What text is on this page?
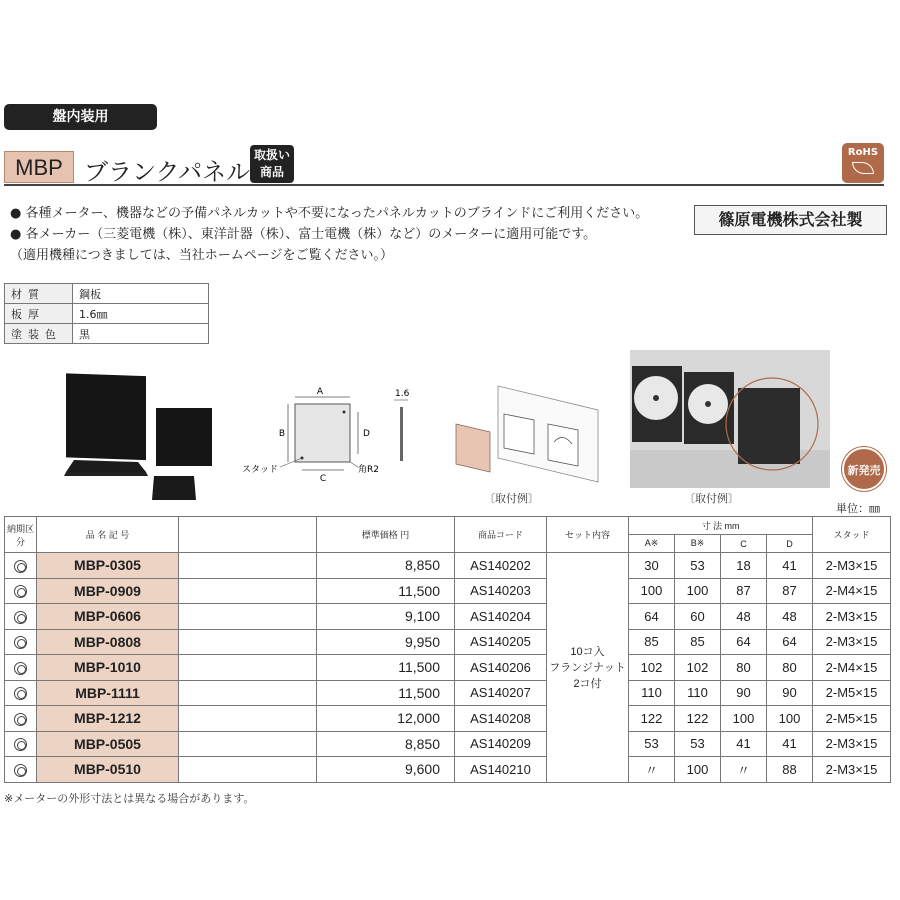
盤内装用
MBP ブランクパネル
取扱い
商品
RoHS
● 各種メーター、機器などの予備パネルカットや不要になったパネルカットのブラインドにご利用ください。
● 各メーカー（三菱電機（株）、東洋計器（株）、富士電機（株）など）のメーターに適用可能です。
（適用機種につきましては、当社ホームページをご覧ください。）
篠原電機株式会社製
材質	鋼板
板厚	1.6㎜
塗装色	黒
A
B
C
D
1.6
スタッド	角R2
〔取付例〕	〔取付例〕
新発売
単位：㎜
納期区分	品 名 記 号		標準価格 円	商品コード	セット内容	寸 法 mm				スタッド
						A※	B※	C	D	
	MBP-0305		8,850	AS140202	10コ入
フランジナット
2コ付	30	53	18	41	2-M3×15
	MBP-0909		11,500	AS140203		100	100	87	87	2-M4×15
	MBP-0606		9,100	AS140204		64	60	48	48	2-M3×15
	MBP-0808		9,950	AS140205		85	85	64	64	2-M3×15
	MBP-1010		11,500	AS140206		102	102	80	80	2-M4×15
	MBP-1111		11,500	AS140207		110	110	90	90	2-M5×15
	MBP-1212		12,000	AS140208		122	122	100	100	2-M5×15
	MBP-0505		8,850	AS140209		53	53	41	41	2-M3×15
	MBP-0510		9,600	AS140210		〃	100	〃	88	2-M3×15
※メーターの外形寸法とは異なる場合があります。
